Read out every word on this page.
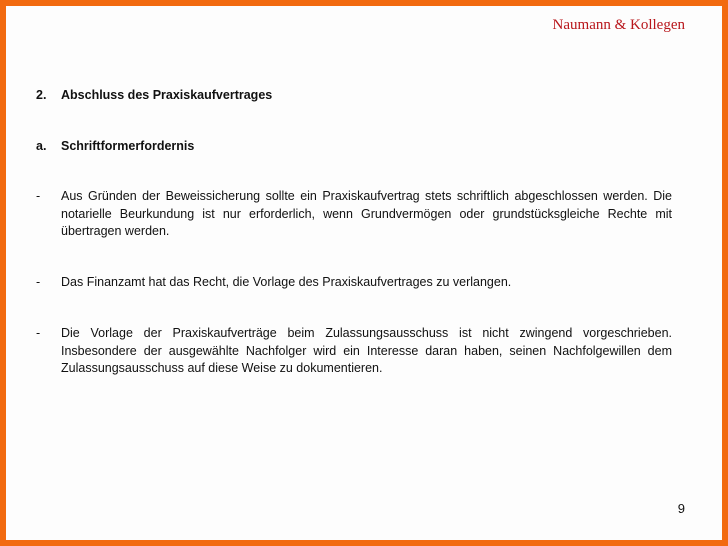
Naumann & Kollegen
2.	Abschluss des Praxiskaufvertrages
a.	Schriftformerfordernis
-	Aus Gründen der Beweissicherung sollte ein Praxiskaufvertrag stets schriftlich abgeschlossen werden. Die notarielle Beurkundung ist nur erforderlich, wenn Grundvermögen oder grundstücksgleiche Rechte mit übertragen werden.
-	Das Finanzamt hat das Recht, die Vorlage des Praxiskaufvertrages zu verlangen.
-	Die Vorlage der Praxiskaufverträge beim Zulassungsausschuss ist nicht zwingend vorgeschrieben. Insbesondere der ausgewählte Nachfolger wird ein Interesse daran haben, seinen Nachfolgewillen dem Zulassungsausschuss auf diese Weise zu dokumentieren.
9
